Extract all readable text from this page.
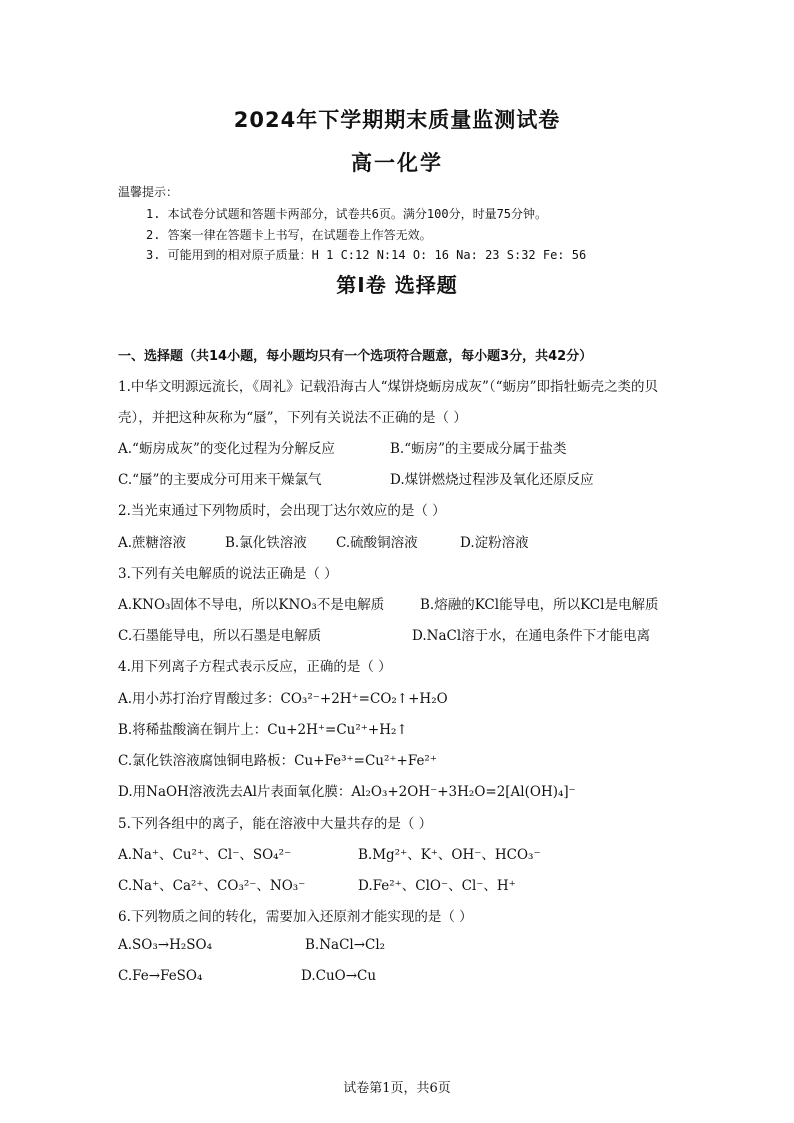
2024年下学期期末质量监测试卷
高一化学
温馨提示：
1. 本试卷分试题和答题卡两部分，试卷共6页。满分100分，时量75分钟。
2. 答案一律在答题卡上书写，在试题卷上作答无效。
3. 可能用到的相对原子质量：H 1 C:12 N:14 O: 16 Na: 23 S:32 Fe: 56
第Ⅰ卷 选择题
一、选择题（共14小题，每小题均只有一个选项符合题意，每小题3分，共42分）
1.中华文明源远流长，《周礼》记载沿海古人“煤饼烧蛎房成灰”（“蛎房”即指牡蛎壳之类的贝
壳），并把这种灰称为“蜃”，下列有关说法不正确的是（ ）
A.“蛎房成灰”的变化过程为分解反应	B.“蛎房”的主要成分属于盐类
C.“蜃”的主要成分可用来干燥氯气	D.煤饼燃烧过程涉及氧化还原反应
2.当光束通过下列物质时，会出现丁达尔效应的是（ ）
A.蔗糖溶液	B.氯化铁溶液 C.硫酸铜溶液	D.淀粉溶液
3.下列有关电解质的说法正确是（ ）
A.KNO₃固体不导电，所以KNO₃不是电解质	B.熔融的KCl能导电，所以KCl是电解质
C.石墨能导电，所以石墨是电解质	D.NaCl溶于水，在通电条件下才能电离
4.用下列离子方程式表示反应，正确的是（ ）
A.用小苏打治疗胃酸过多：CO₃²⁻+2H⁺=CO₂↑+H₂O
B.将稀盐酸滴在铜片上：Cu+2H⁺=Cu²⁺+H₂↑
C.氯化铁溶液腐蚀铜电路板：Cu+Fe³⁺=Cu²⁺+Fe²⁺
D.用NaOH溶液洗去Al片表面氧化膜：Al₂O₃+2OH⁻+3H₂O=2[Al(OH)₄]⁻
5.下列各组中的离子，能在溶液中大量共存的是（ ）
A.Na⁺、Cu²⁺、Cl⁻、SO₄²⁻	B.Mg²⁺、K⁺、OH⁻、HCO₃⁻
C.Na⁺、Ca²⁺、CO₃²⁻、NO₃⁻	D.Fe²⁺、ClO⁻、Cl⁻、H⁺
6.下列物质之间的转化，需要加入还原剂才能实现的是（ ）
A.SO₃→H₂SO₄	B.NaCl→Cl₂
C.Fe→FeSO₄	D.CuO→Cu
试卷第1页，共6页
